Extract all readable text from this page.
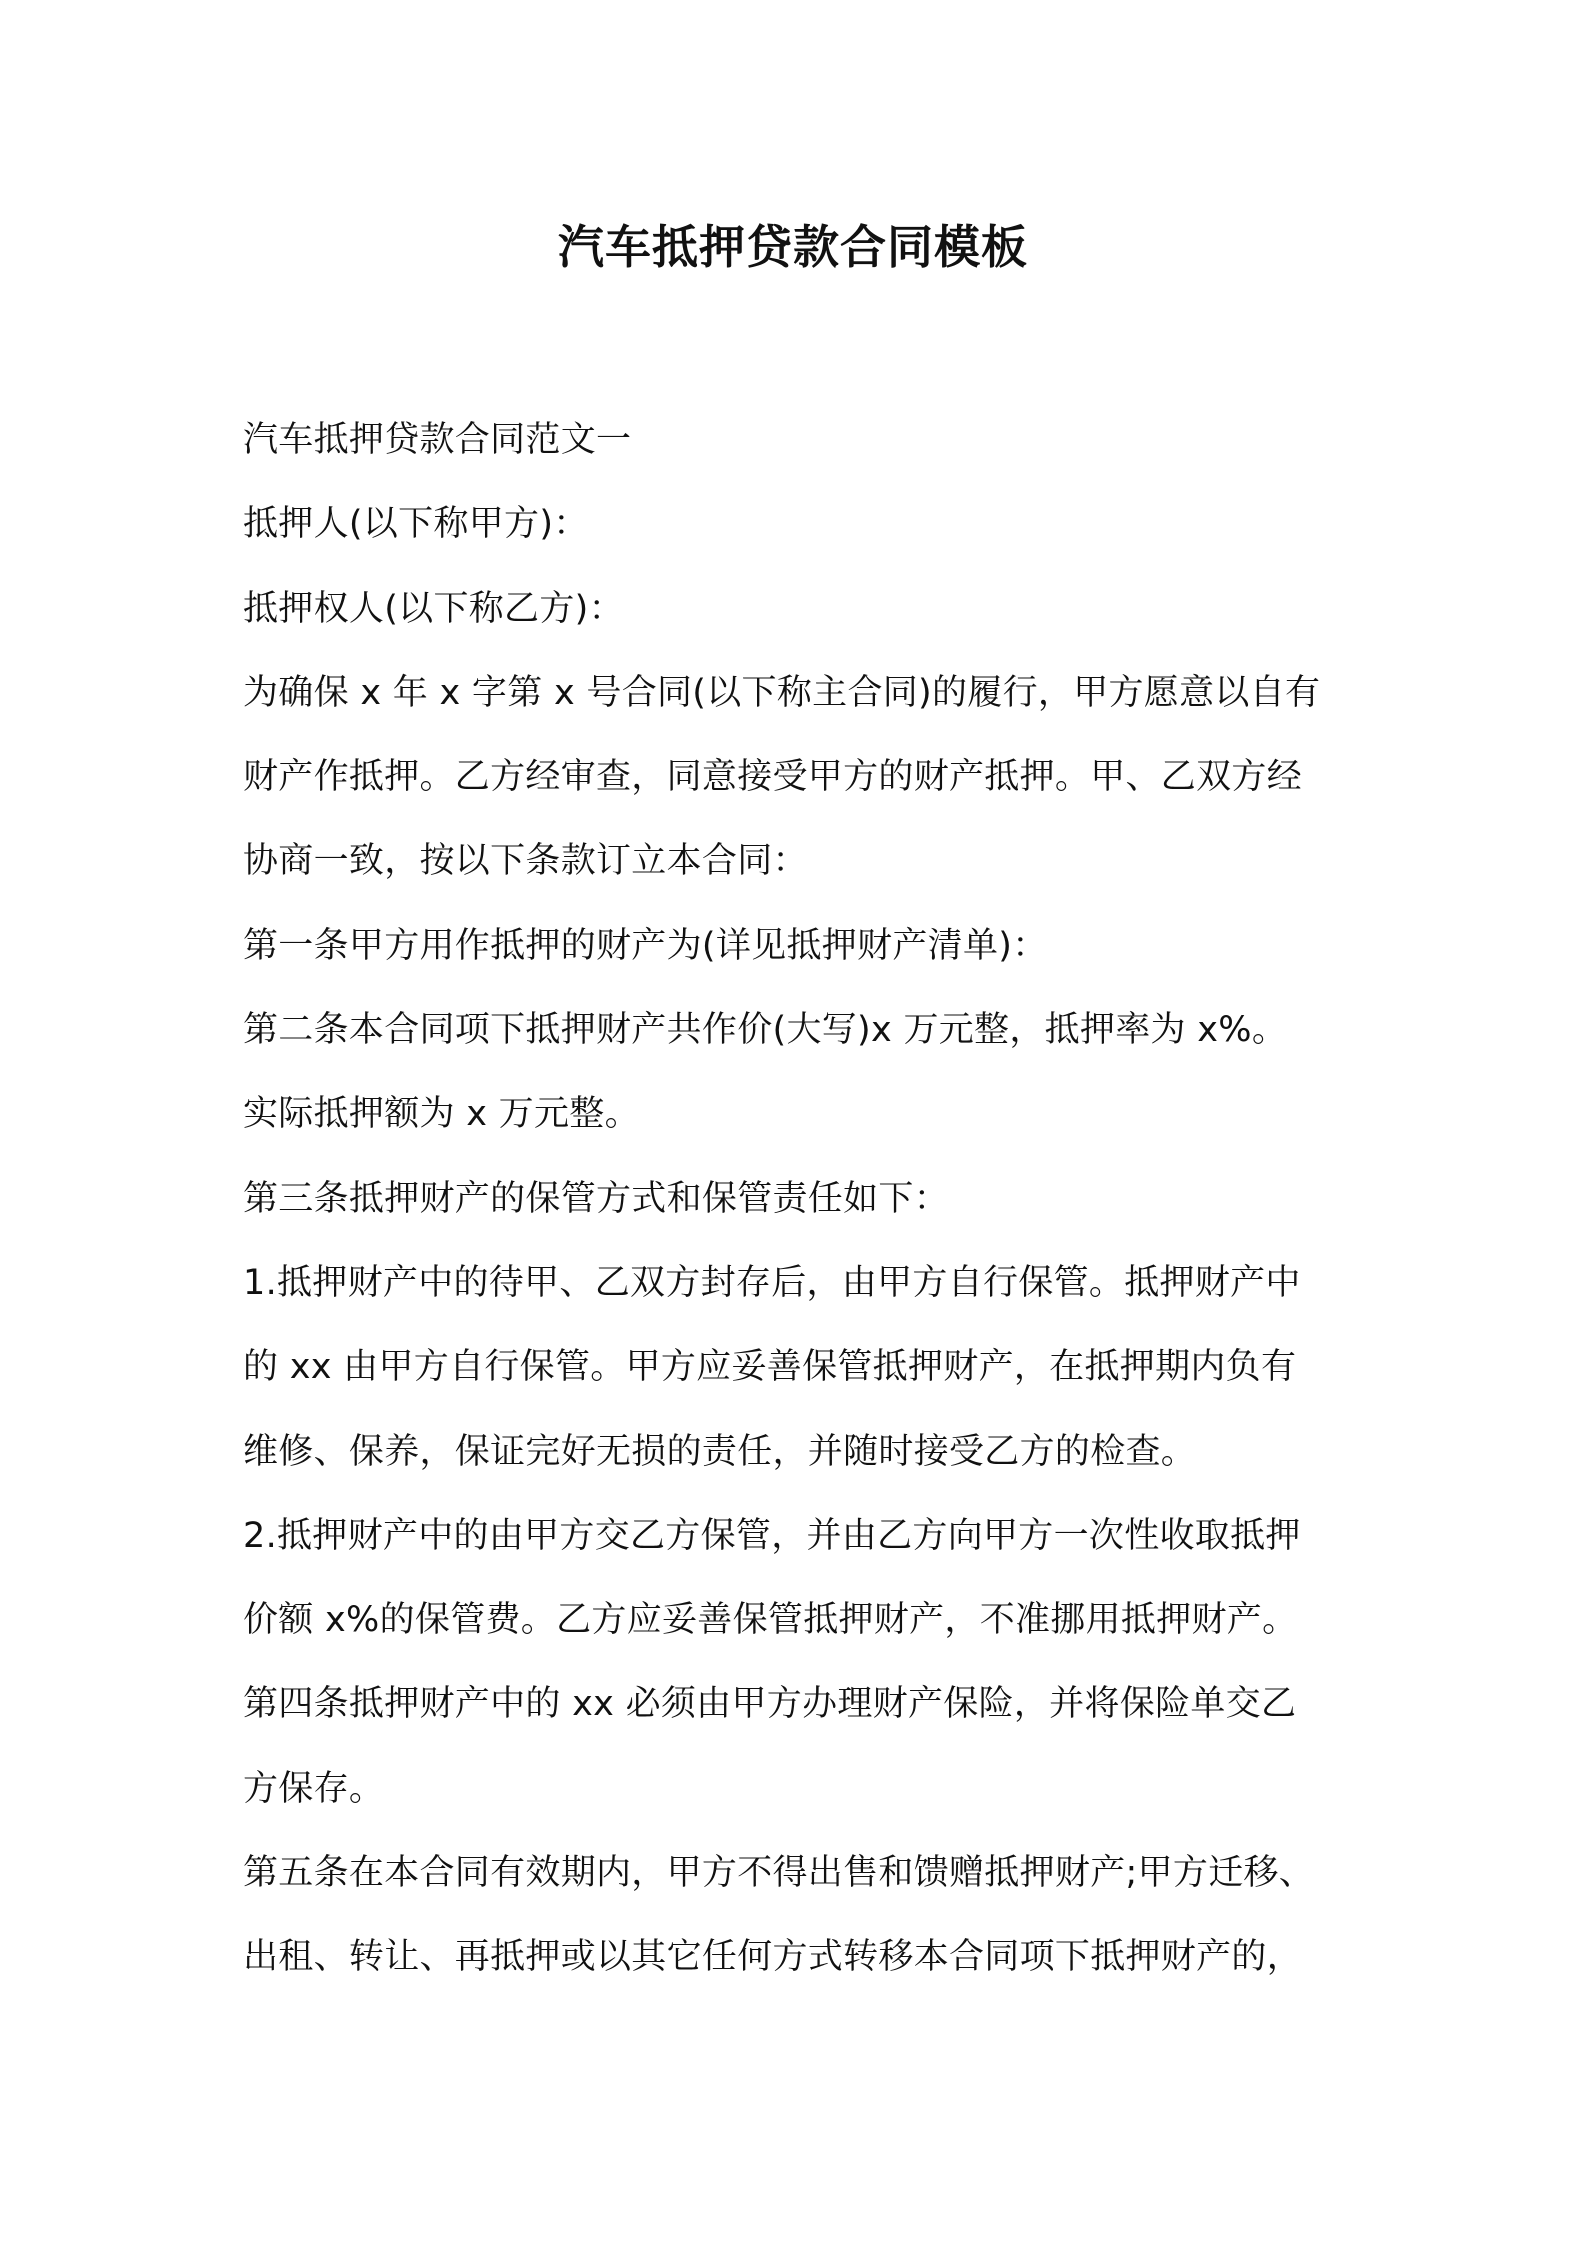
汽车抵押贷款合同模板
汽车抵押贷款合同范文一
抵押人(以下称甲方)：
抵押权人(以下称乙方)：
为确保 x 年 x 字第 x 号合同(以下称主合同)的履行，甲方愿意以自有
财产作抵押。乙方经审查，同意接受甲方的财产抵押。甲、乙双方经
协商一致，按以下条款订立本合同：
第一条甲方用作抵押的财产为(详见抵押财产清单)：
第二条本合同项下抵押财产共作价(大写)x 万元整，抵押率为 x%。
实际抵押额为 x 万元整。
第三条抵押财产的保管方式和保管责任如下：
1.抵押财产中的待甲、乙双方封存后，由甲方自行保管。抵押财产中
的 xx 由甲方自行保管。甲方应妥善保管抵押财产，在抵押期内负有
维修、保养，保证完好无损的责任，并随时接受乙方的检查。
2.抵押财产中的由甲方交乙方保管，并由乙方向甲方一次性收取抵押
价额 x%的保管费。乙方应妥善保管抵押财产，不准挪用抵押财产。
第四条抵押财产中的 xx 必须由甲方办理财产保险，并将保险单交乙
方保存。
第五条在本合同有效期内，甲方不得出售和馈赠抵押财产;甲方迁移、
出租、转让、再抵押或以其它任何方式转移本合同项下抵押财产的，
